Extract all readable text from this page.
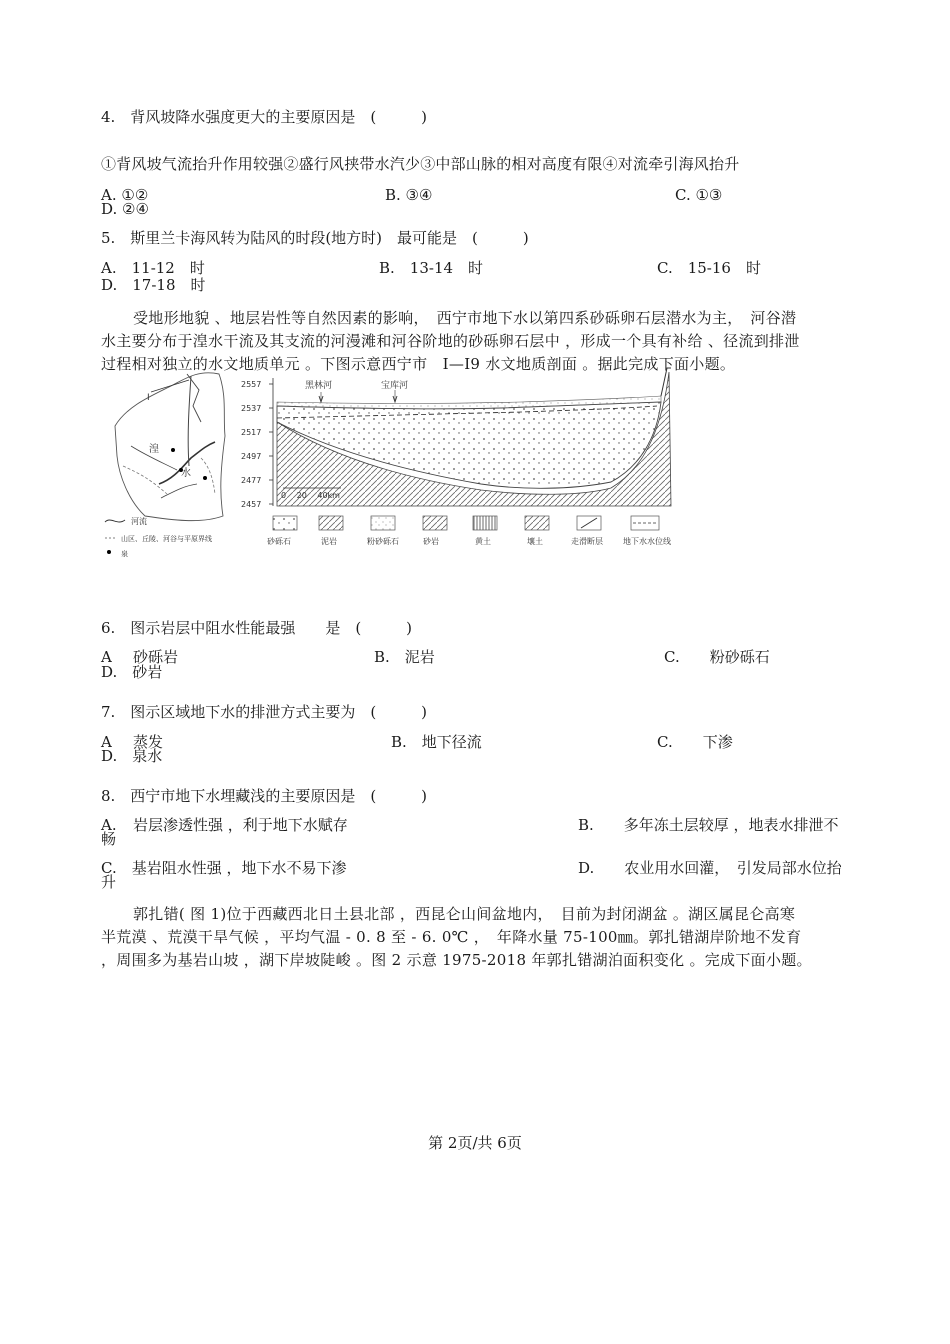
4.　背风坡降水强度更大的主要原因是　(　　　)
①背风坡气流抬升作用较强②盛行风挟带水汽少③中部山脉的相对高度有限④对流牵引海风抬升
A. ①②	B. ③④	C. ①③
D. ②④
5.　斯里兰卡海风转为陆风的时段(地方时)　最可能是　(　　　)
A.　11-12　时	B.　13-14　时	C.　15-16　时
D.　17-18　时

受地形地貌 、地层岩性等自然因素的影响，　西宁市地下水以第四系砂砾卵石层潜水为主，　河谷潜

水主要分布于湟水干流及其支流的河漫滩和河谷阶地的砂砾卵石层中 ，形成一个具有补给 、径流到排泄

过程相对独立的水文地质单元 。下图示意西宁市　I—I9 水文地质剖面 。据此完成下面小题。

I
湟
水
河流
山区、丘陵、河谷与平原界线
泉
2557
2537
2517
2497
2477
2457
黑林河	宝库河
0　 20　 40km
砂砾石	泥岩	粉砂砾石	砂岩	黄土	壤土	走滑断层	地下水水位线
6.　图示岩层中阻水性能最强　　是　(　　　)
A 砂砾岩	B.　泥岩	C.　　粉砂砾石
D.　砂岩
7.　图示区域地下水的排泄方式主要为　(　　　)
A 蒸发	B.　地下径流	C.　　下渗
D.　泉水
8.　西宁市地下水埋藏浅的主要原因是　(　　　)
A. 岩层渗透性强 ，利于地下水赋存	B.　　多年冻土层较厚 ，地表水排泄不
畅
C.　基岩阻水性强 ，地下水不易下渗	D.　　农业用水回灌，　引发局部水位抬
升

郭扎错( 图 1)位于西藏西北日土县北部 ，西昆仑山间盆地内，　目前为封闭湖盆 。湖区属昆仑高寒

半荒漠 、荒漠干旱气候 ，平均气温 - 0. 8 至 - 6. 0℃ ，　年降水量 75-100㎜。郭扎错湖岸阶地不发育

，周围多为基岩山坡 ，湖下岸坡陡峻 。图 2 示意 1975-2018 年郭扎错湖泊面积变化 。完成下面小题。

第 2页/共 6页
